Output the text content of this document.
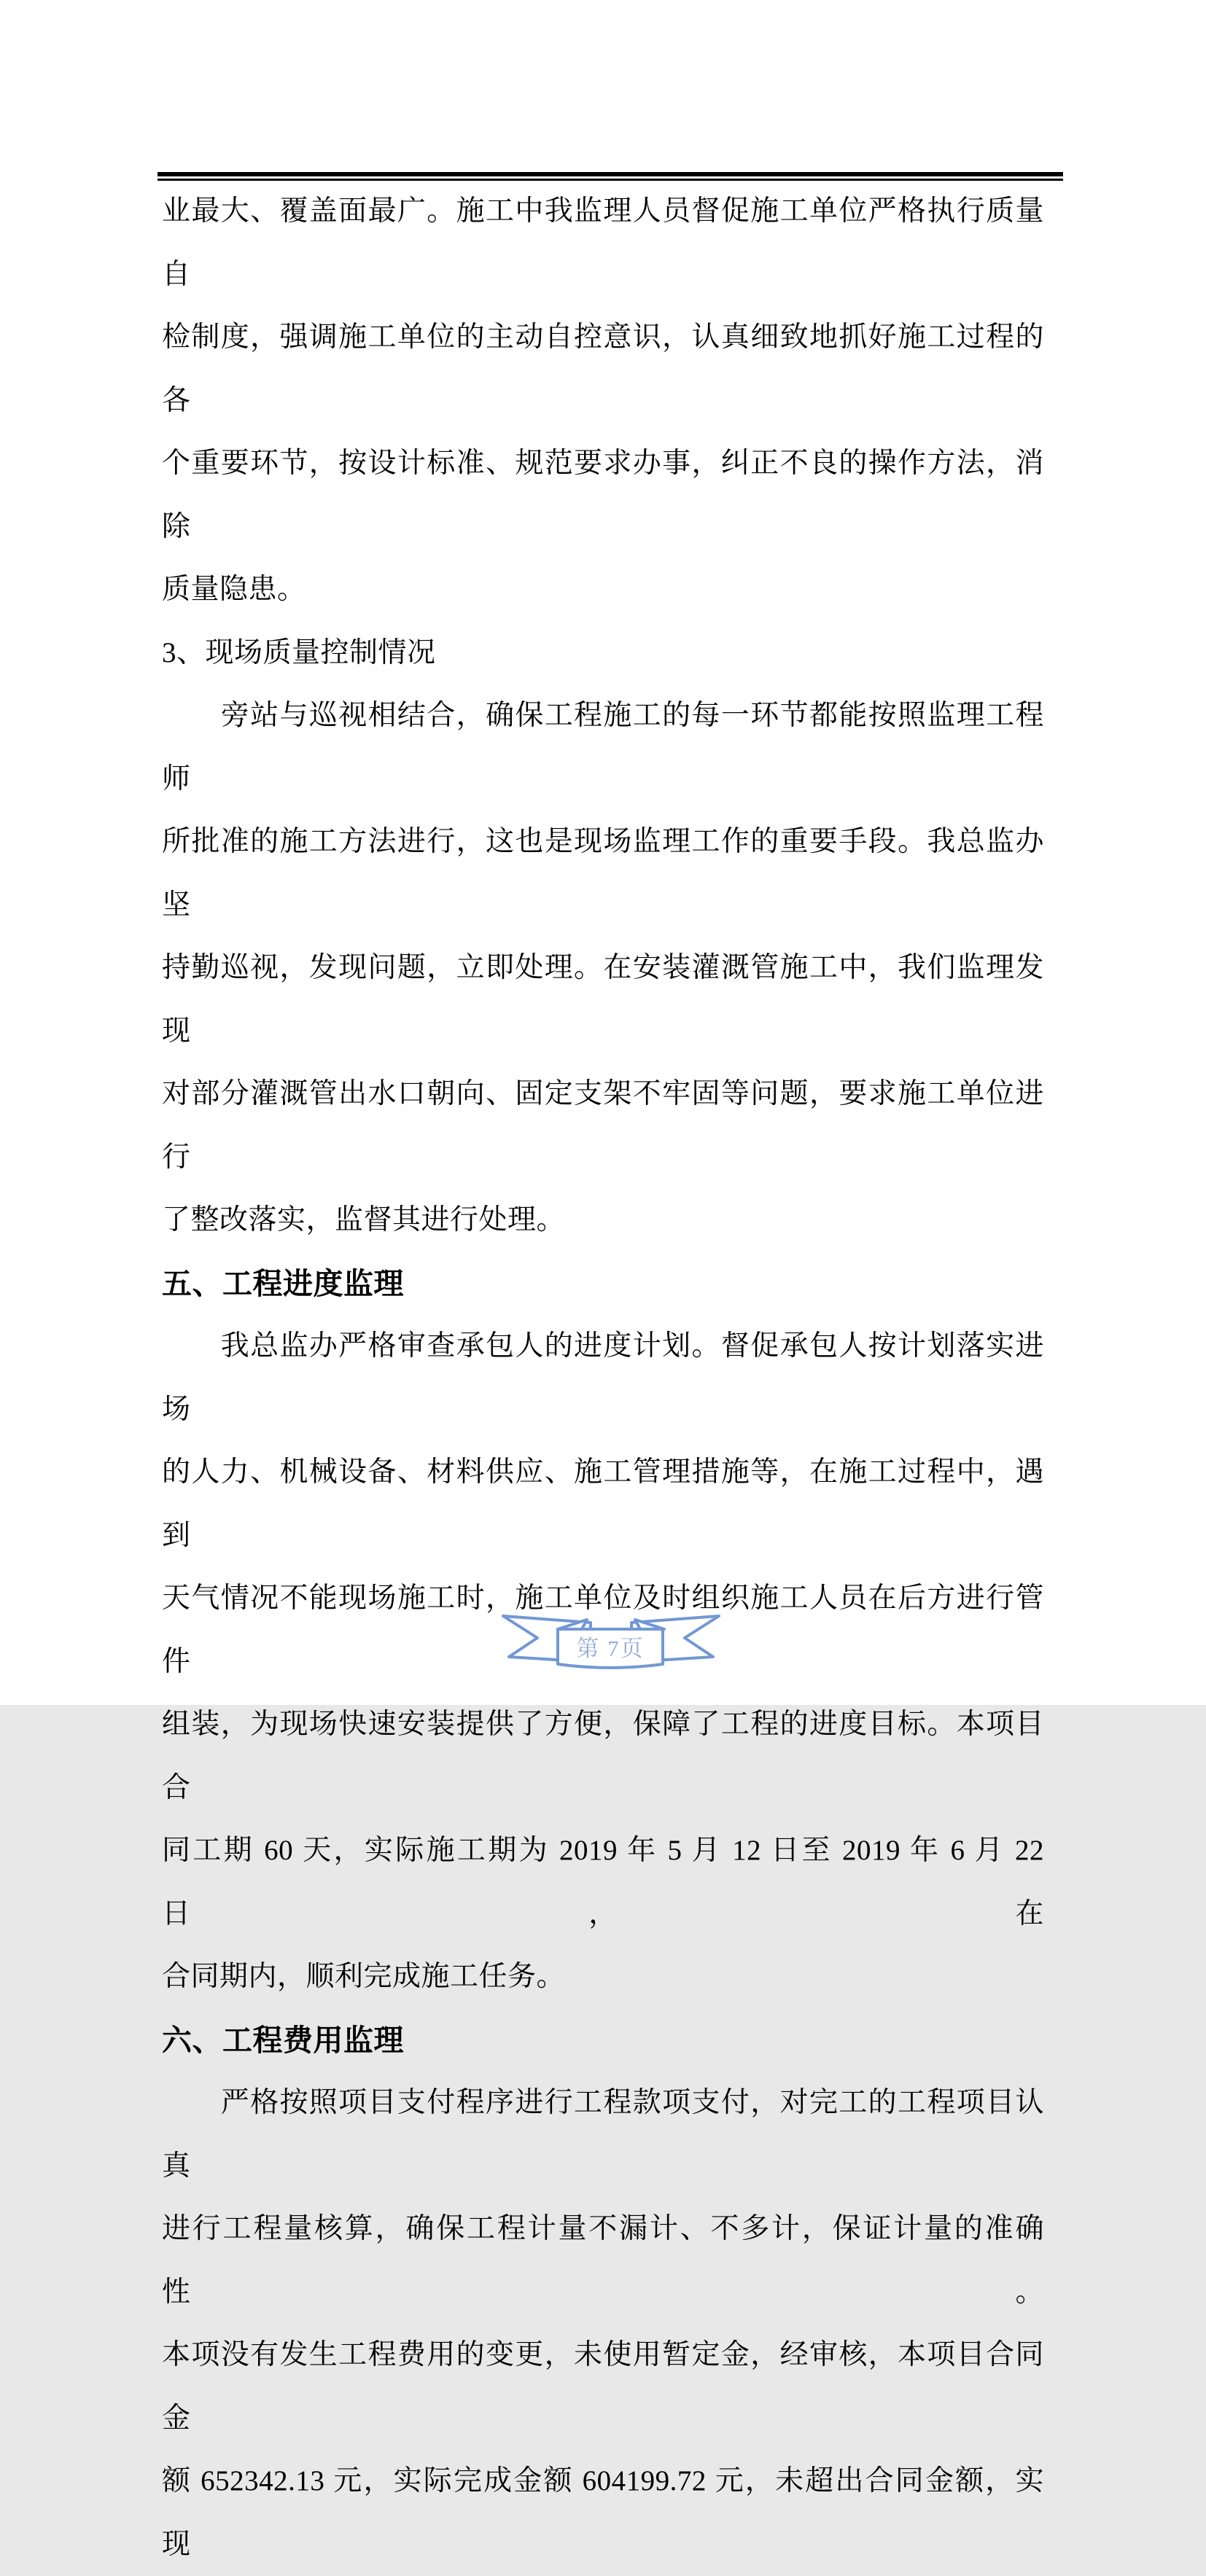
业最大、覆盖面最广。施工中我监理人员督促施工单位严格执行质量自
检制度，强调施工单位的主动自控意识，认真细致地抓好施工过程的各
个重要环节，按设计标准、规范要求办事，纠正不良的操作方法，消除
质量隐患。
3、现场质量控制情况
　　旁站与巡视相结合，确保工程施工的每一环节都能按照监理工程师
所批准的施工方法进行，这也是现场监理工作的重要手段。我总监办坚
持勤巡视，发现问题，立即处理。在安装灌溉管施工中，我们监理发现
对部分灌溉管出水口朝向、固定支架不牢固等问题，要求施工单位进行
了整改落实，监督其进行处理。
五、工程进度监理
　　我总监办严格审查承包人的进度计划。督促承包人按计划落实进场
的人力、机械设备、材料供应、施工管理措施等，在施工过程中，遇到
天气情况不能现场施工时，施工单位及时组织施工人员在后方进行管件
组装，为现场快速安装提供了方便，保障了工程的进度目标。本项目合
同工期 60 天，实际施工期为 2019 年 5 月 12 日至 2019 年 6 月 22 日，在
合同期内，顺利完成施工任务。
六、工程费用监理
　　严格按照项目支付程序进行工程款项支付，对完工的工程项目认真
进行工程量核算，确保工程计量不漏计、不多计，保证计量的准确性。
本项没有发生工程费用的变更，未使用暂定金，经审核，本项目合同金
额 652342.13 元，实际完成金额 604199.72 元，未超出合同金额，实现
第 7页
